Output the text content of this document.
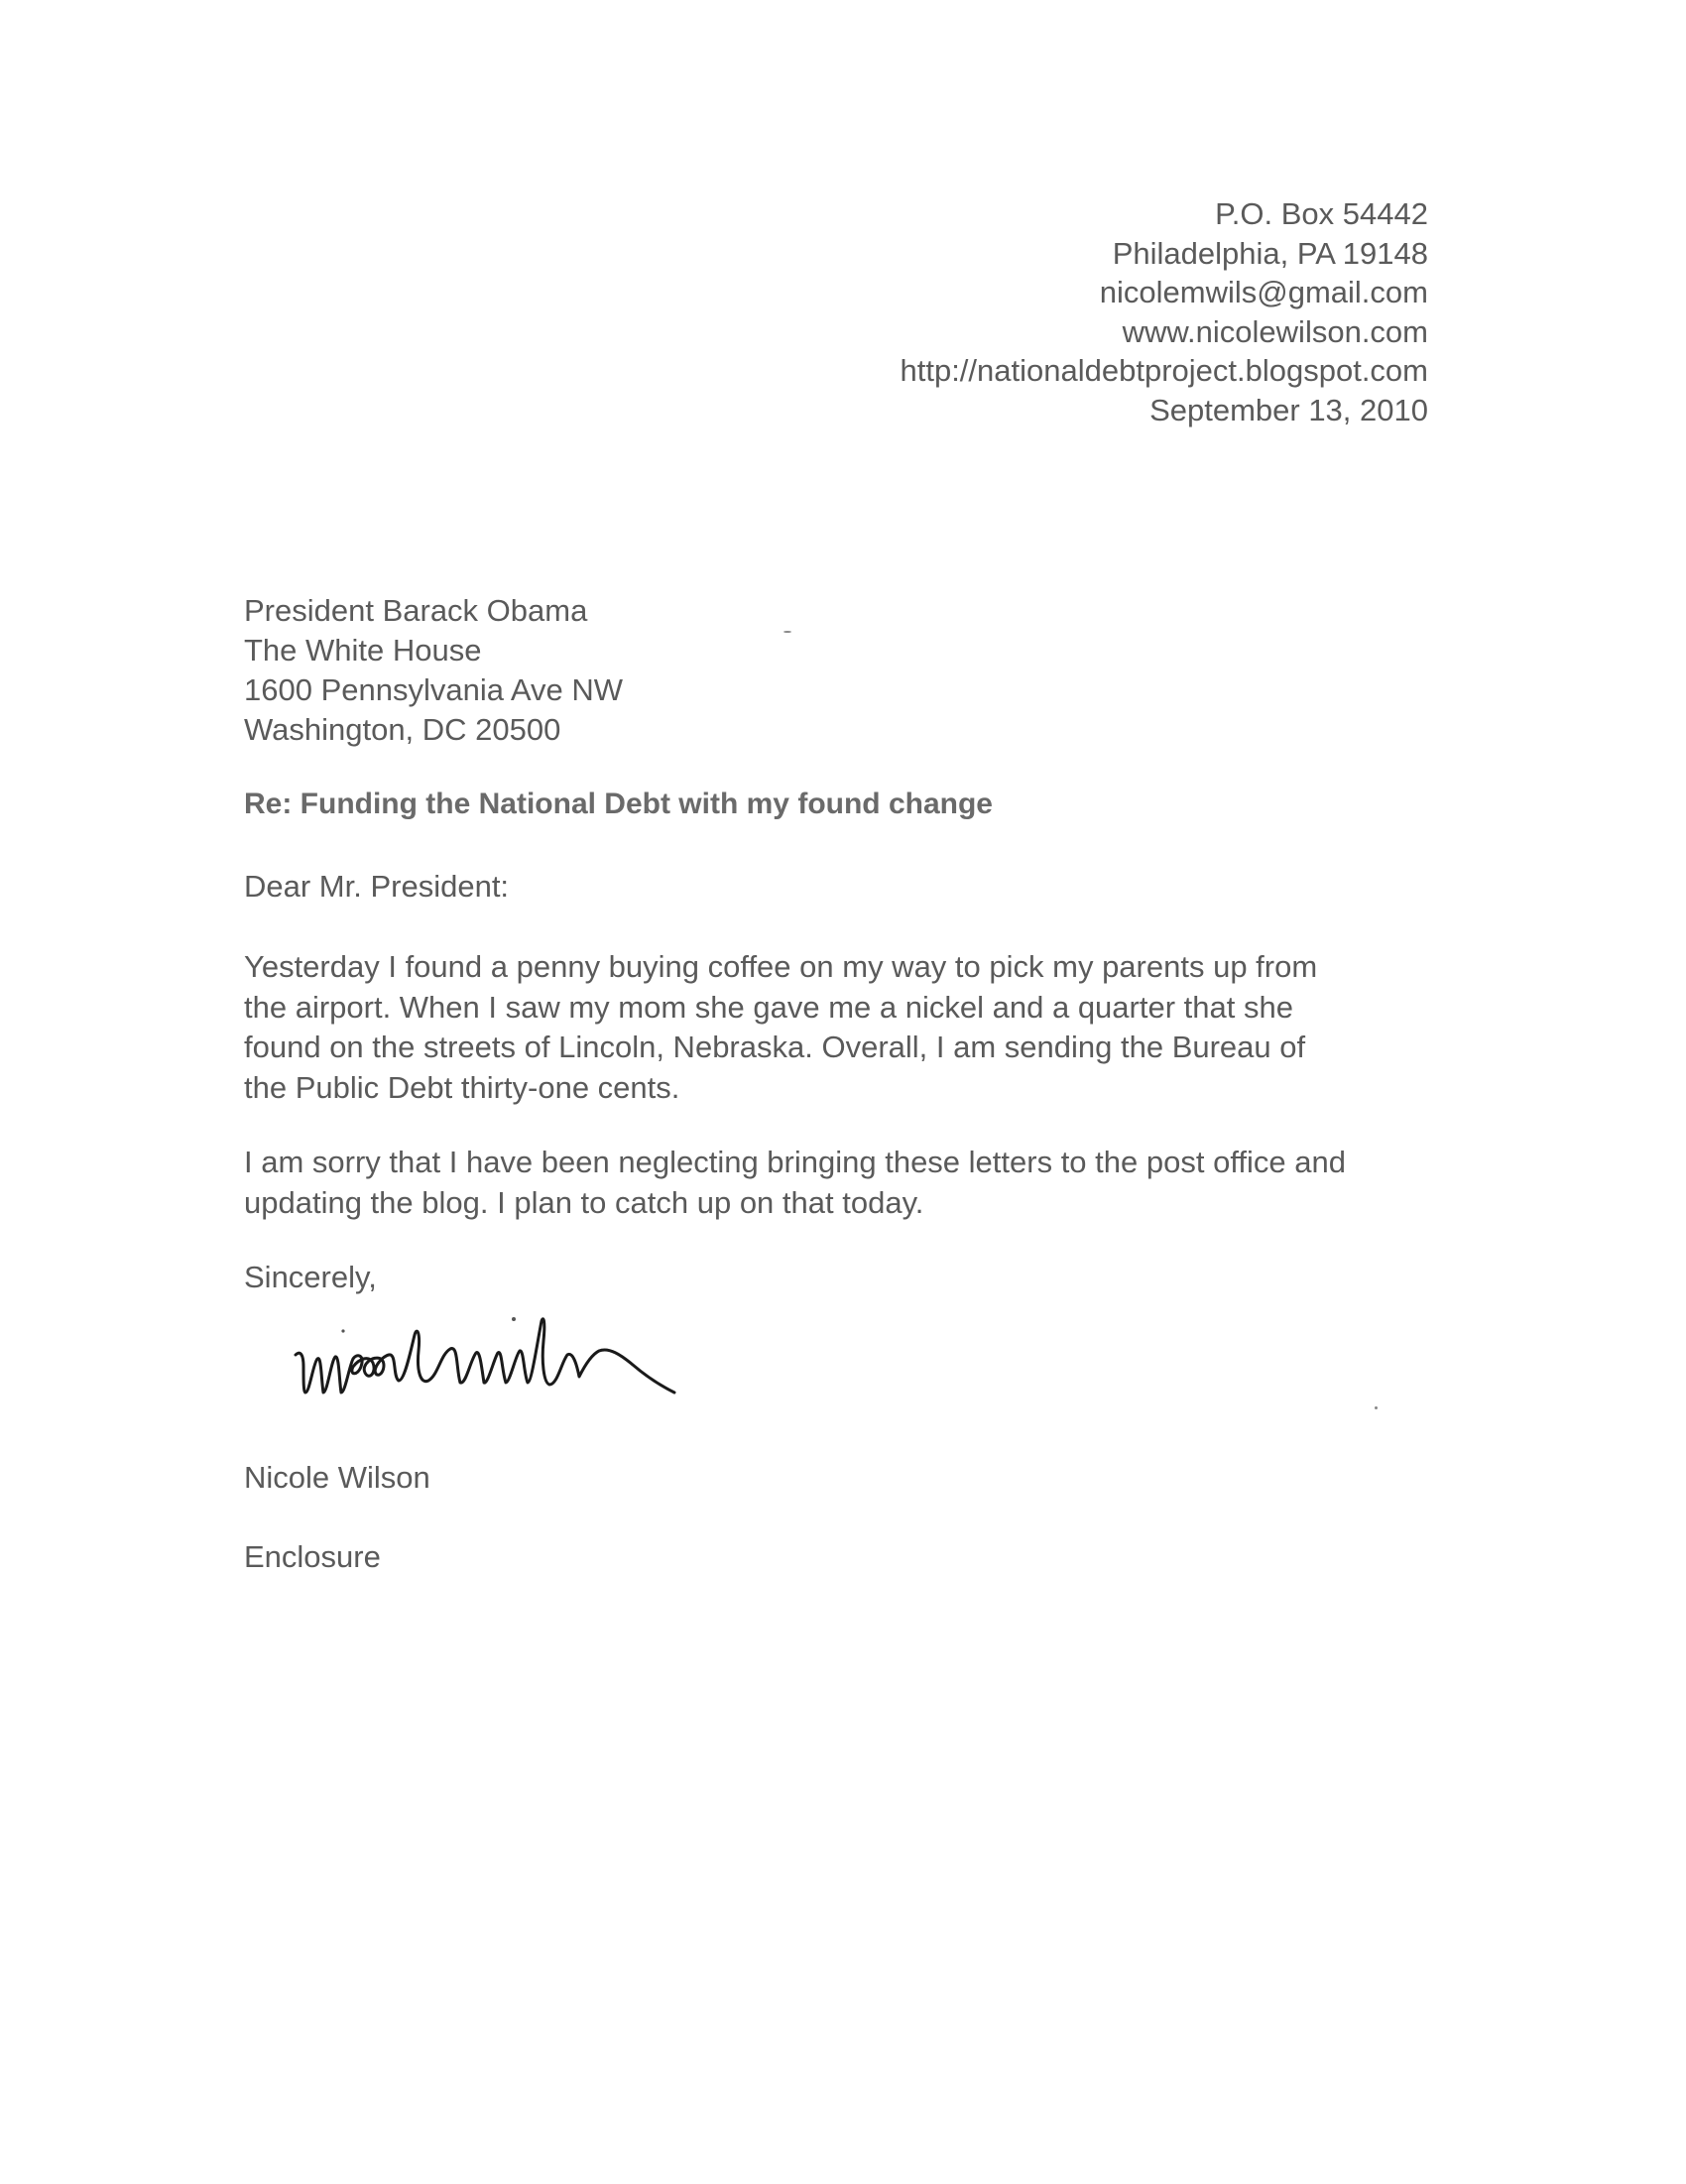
P.O. Box 54442
Philadelphia, PA 19148
nicolemwils@gmail.com
www.nicolewilson.com
http://nationaldebtproject.blogspot.com
September 13, 2010
President Barack Obama
The White House
1600 Pennsylvania Ave NW
Washington, DC 20500
Re: Funding the National Debt with my found change
Dear Mr. President:
Yesterday I found a penny buying coffee on my way to pick my parents up from
the airport. When I saw my mom she gave me a nickel and a quarter that she
found on the streets of Lincoln, Nebraska. Overall, I am sending the Bureau of
the Public Debt thirty-one cents.
I am sorry that I have been neglecting bringing these letters to the post office and
updating the blog. I plan to catch up on that today.
Sincerely,
Nicole Wilson
Enclosure
